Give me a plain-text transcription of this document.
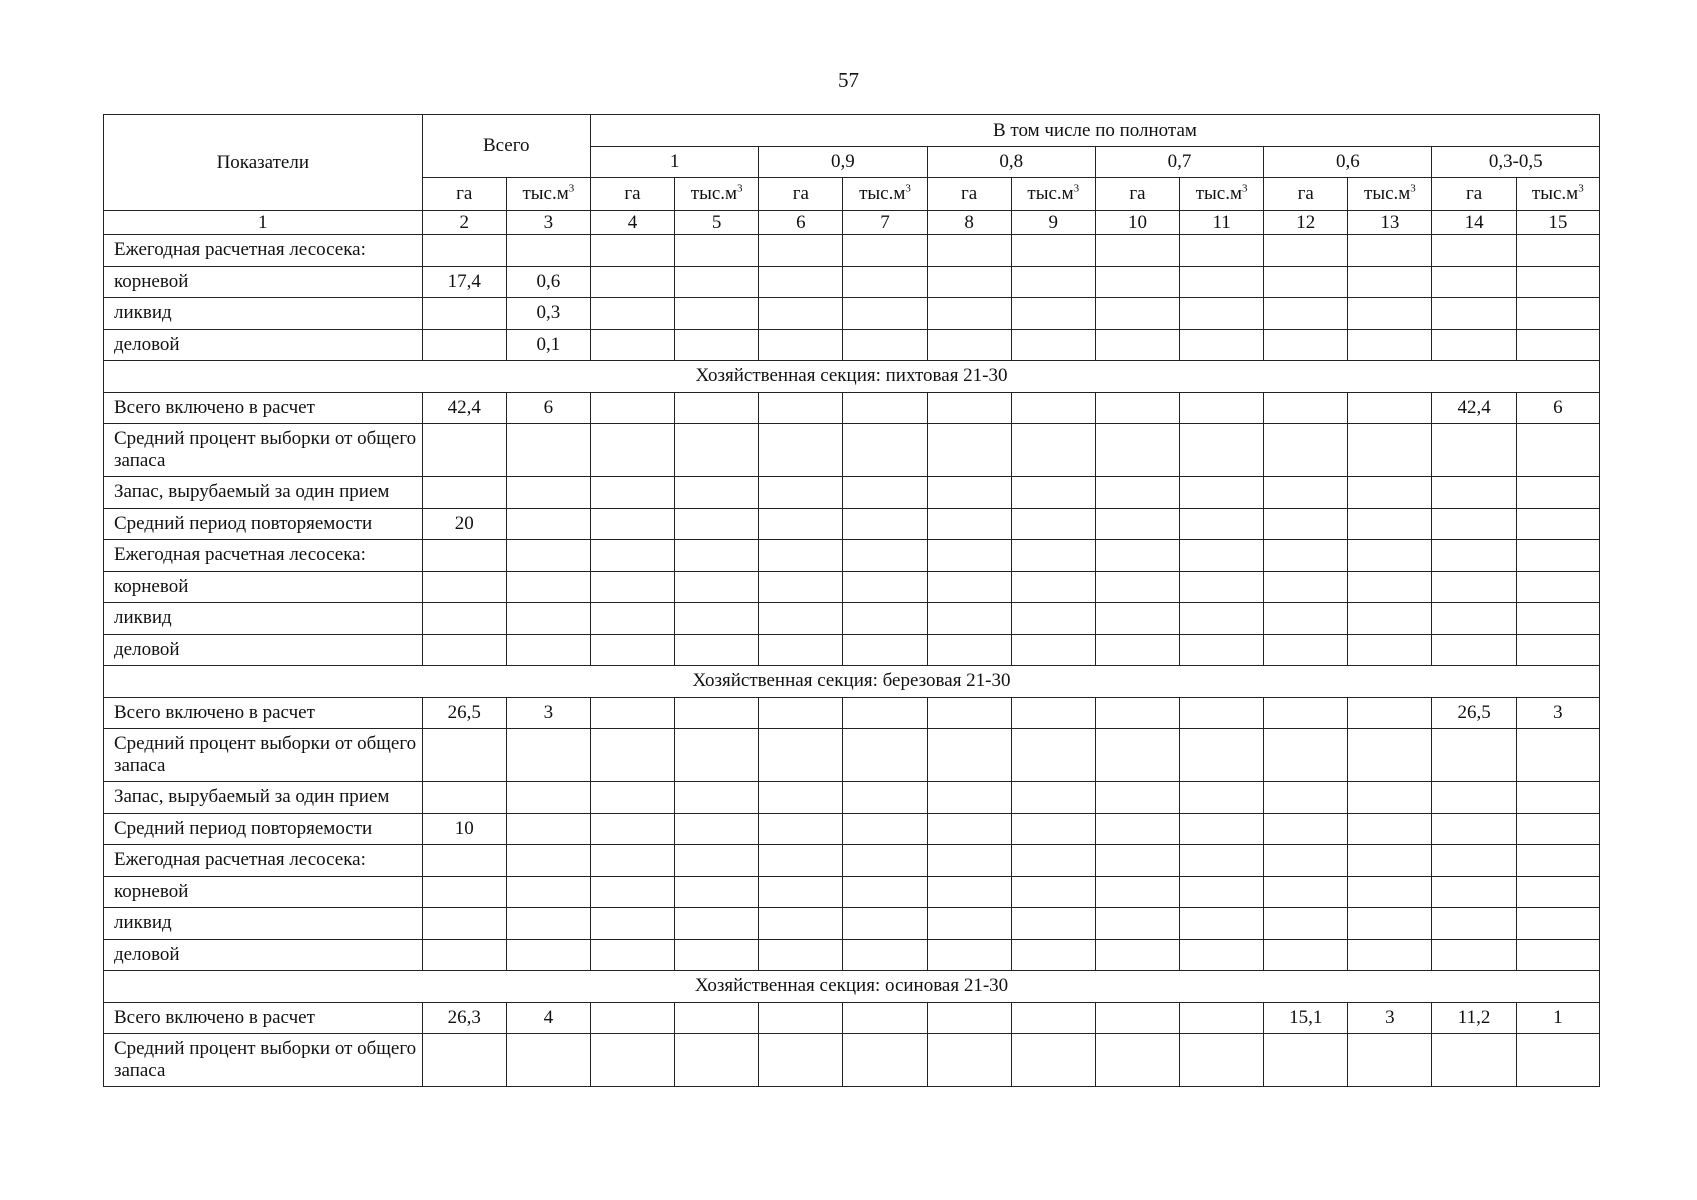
57
Показатели	Всего		В том числе по полнотам											
			1		0,9		0,8		0,7		0,6		0,3-0,5	
	га	$тыс.м^3$	га	$тыс.м^3$	га	$тыс.м^3$	га	$тыс.м^3$	га	$тыс.м^3$	га	$тыс.м^3$	га	$тыс.м^3$
1	2	3	4	5	6	7	8	9	10	11	12	13	14	15
Ежегодная расчетная лесосека:														
корневой	17,4	0,6												
ликвид		0,3												
деловой		0,1												
Хозяйственная секция: пихтовая 21-30														
Всего включено в расчет	42,4	6											42,4	6
Средний процент выборки от общего запаса														
Запас, вырубаемый за один прием														
Средний период повторяемости	20													
Ежегодная расчетная лесосека:														
корневой														
ликвид														
деловой														
Хозяйственная секция: березовая 21-30														
Всего включено в расчет	26,5	3											26,5	3
Средний процент выборки от общего запаса														
Запас, вырубаемый за один прием														
Средний период повторяемости	10													
Ежегодная расчетная лесосека:														
корневой														
ликвид														
деловой														
Хозяйственная секция: осиновая 21-30														
Всего включено в расчет	26,3	4									15,1	3	11,2	1
Средний процент выборки от общего запаса														
